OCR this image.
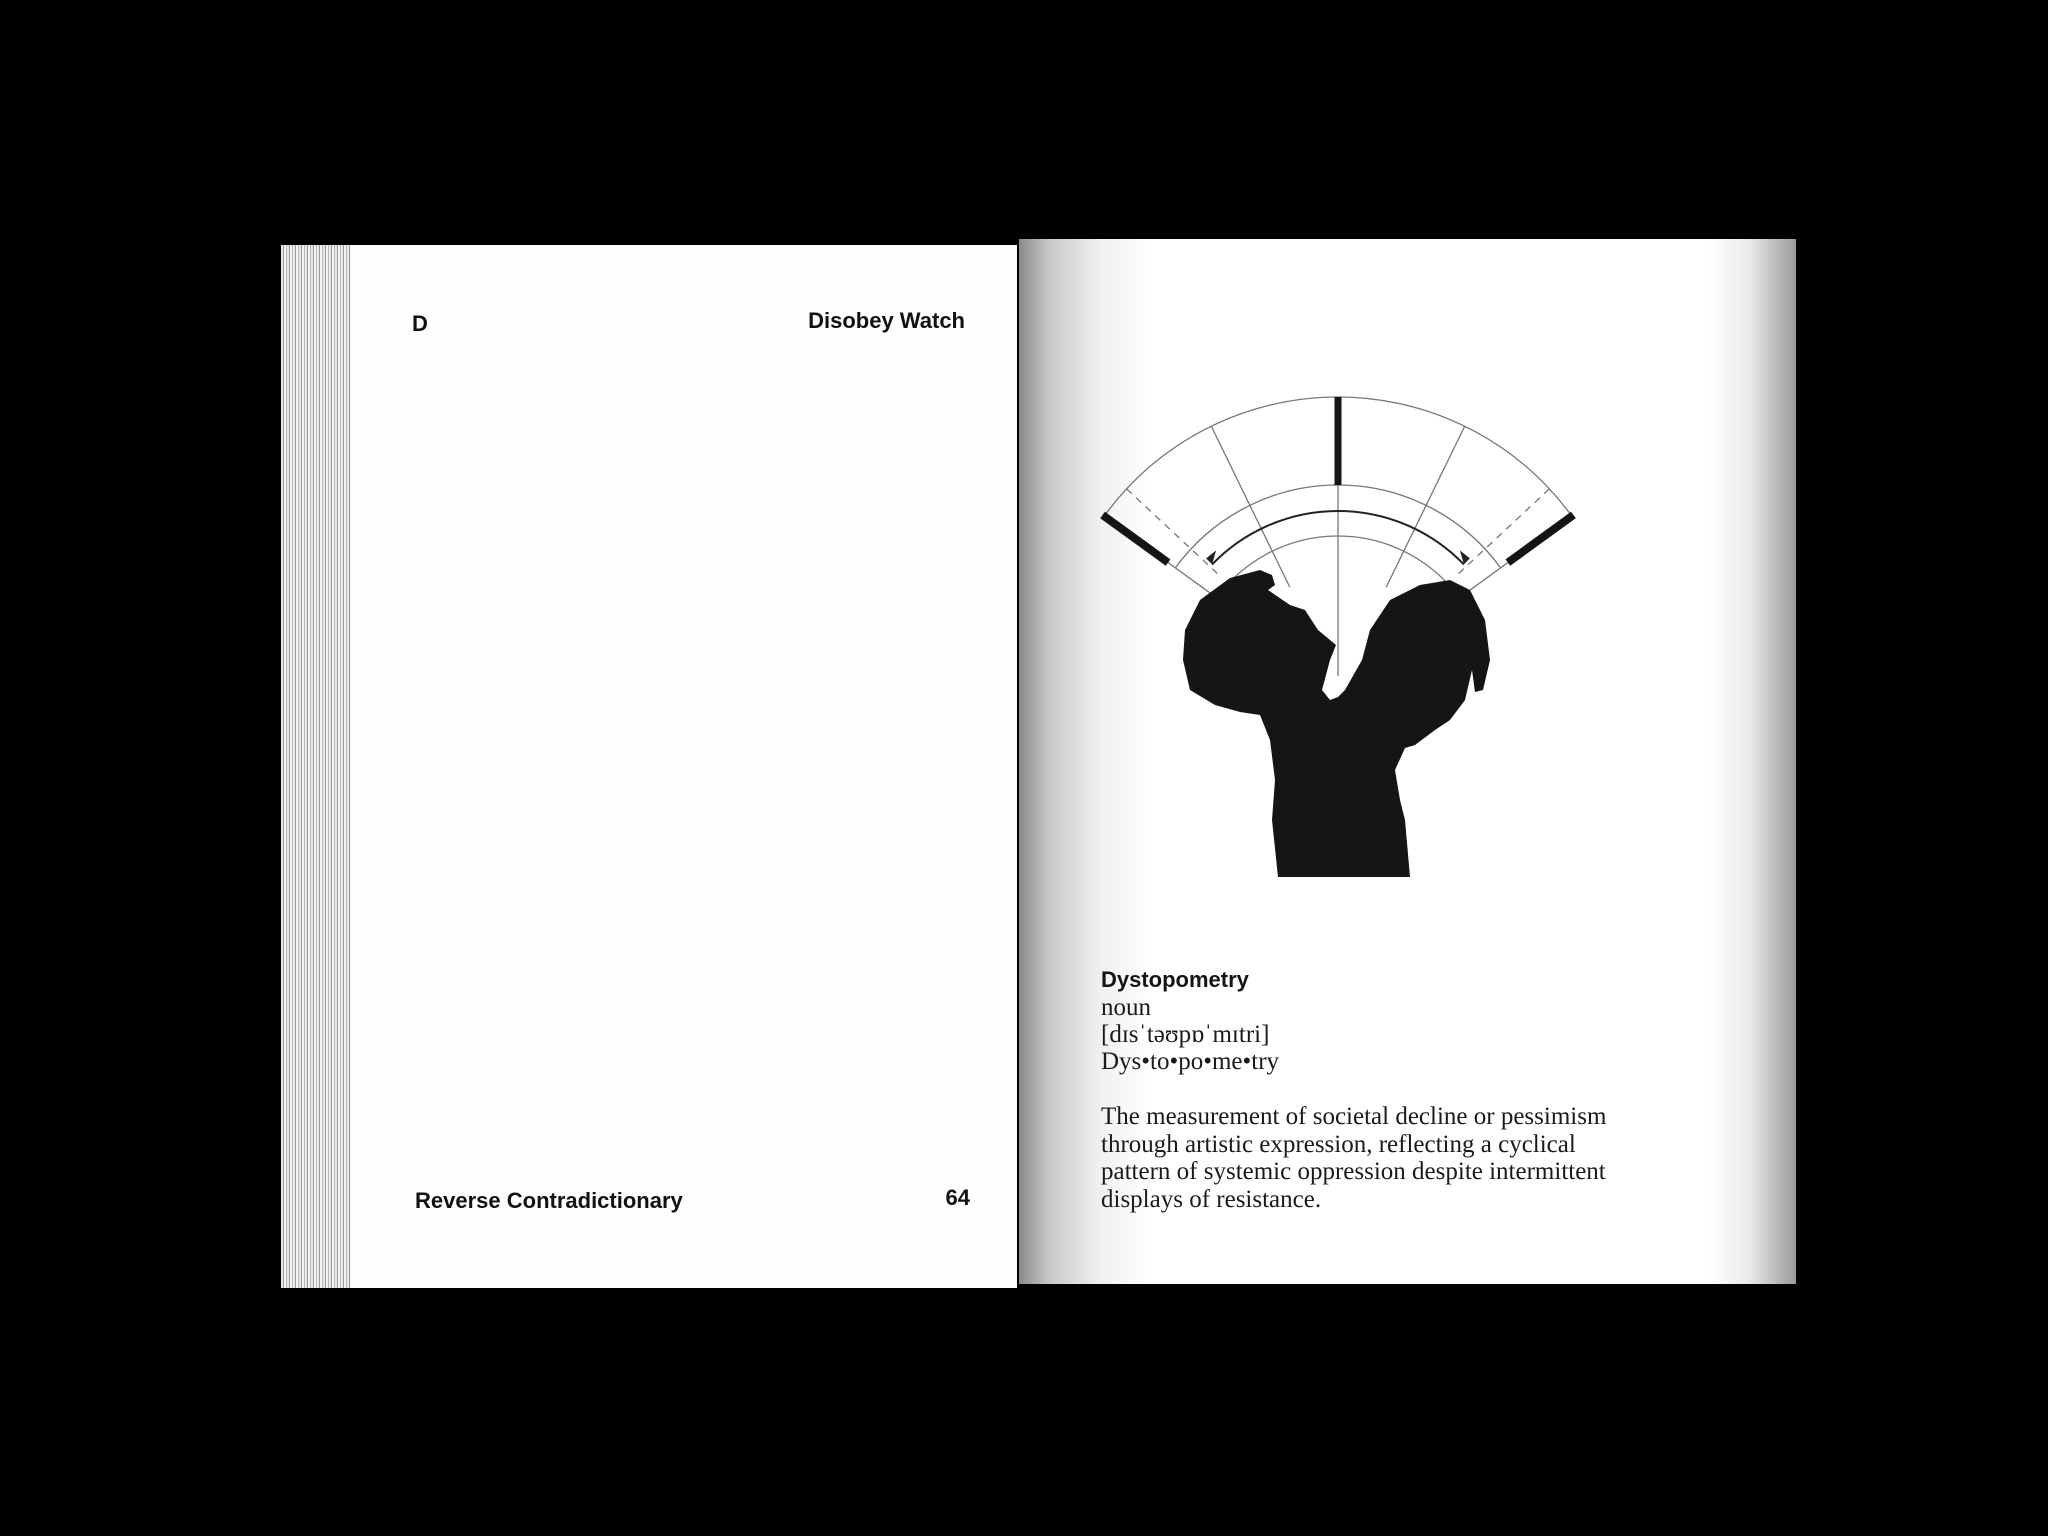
D	Disobey Watch
Reverse Contradictionary	64
Dystopometry
noun
[dɪsˈtəʊpɒˈmɪtri]
Dys•to•po•me•try
The measurement of societal decline or pessimism
through artistic expression, reflecting a cyclical
pattern of systemic oppression despite intermittent
displays of resistance.
